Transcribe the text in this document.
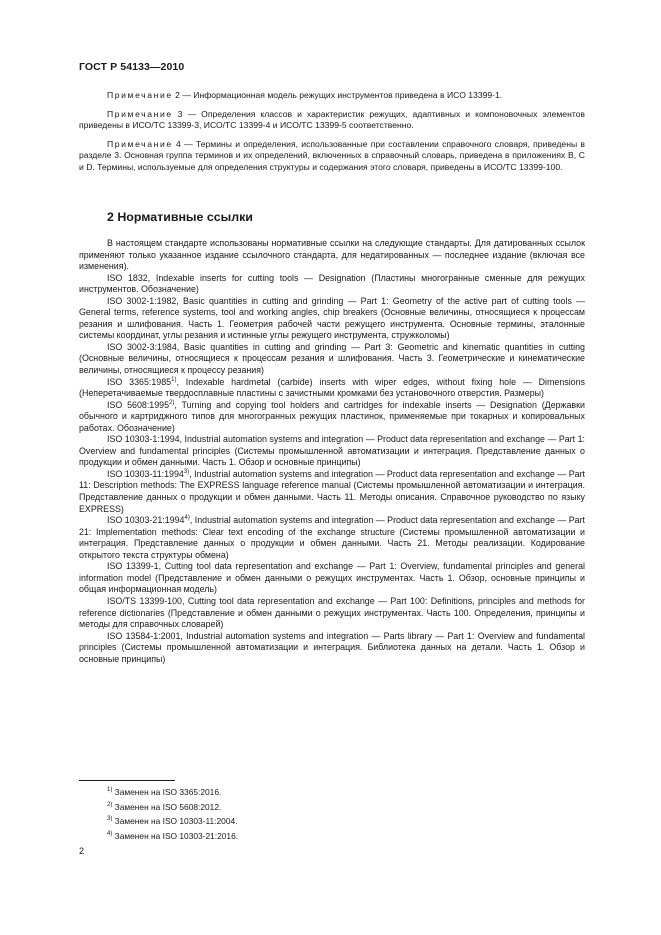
ГОСТ Р 54133—2010

Примечание 2 — Информационная модель режущих инструментов приведена в ИСО 13399-1.

Примечание 3 — Определения классов и характеристик режущих, адаптивных и компоновочных элементов приведены в ИСО/ТС 13399-3, ИСО/ТС 13399-4 и ИСО/ТС 13399-5 соответственно.

Примечание 4 — Термины и определения, использованные при составлении справочного словаря, приведены в разделе 3. Основная группа терминов и их определений, включенных в справочный словарь, приведена в приложениях В, С и D. Термины, используемые для определения структуры и содержания этого словаря, приведены в ИСО/ТС 13399-100.

2 Нормативные ссылки

В настоящем стандарте использованы нормативные ссылки на следующие стандарты. Для датированных ссылок применяют только указанное издание ссылочного стандарта, для недатированных — последнее издание (включая все изменения).

ISO 1832, Indexable inserts for cutting tools — Designation (Пластины многогранные сменные для режущих инструментов. Обозначение)

ISO 3002-1:1982, Basic quantities in cutting and grinding — Part 1: Geometry of the active part of cutting tools — General terms, reference systems, tool and working angles, chip breakers (Основные величины, относящиеся к процессам резания и шлифования. Часть 1. Геометрия рабочей части режущего инструмента. Основные термины, эталонные системы координат, углы резания и истинные углы режущего инструмента, стружколомы)

ISO 3002-3:1984, Basic quantities in cutting and grinding — Part 3: Geometric and kinematic quantities in cutting (Основные величины, относящиеся к процессам резания и шлифования. Часть 3. Геометрические и кинематические величины, относящиеся к процессу резания)

ISO 3365:1985$^{1)}$, Indexable hardmetal (carbide) inserts with wiper edges, without fixing hole — Dimensions (Неперетачиваемые твердосплавные пластины с зачистными кромками без установочного отверстия. Размеры)

ISO 5608:1995$^{2)}$, Turning and copying tool holders and cartridges for indexable inserts — Designation (Державки обычного и картриджного типов для многогранных режущих пластинок, применяемые при токарных и копировальных работах. Обозначение)

ISO 10303-1:1994, Industrial automation systems and integration — Product data representation and exchange — Part 1: Overview and fundamental principles (Системы промышленной автоматизации и интеграция. Представление данных о продукции и обмен данными. Часть 1. Обзор и основные принципы)

ISO 10303-11:1994$^{3)}$, Industrial automation systems and integration — Product data representation and exchange — Part 11: Description methods: The EXPRESS language reference manual (Системы промышленной автоматизации и интеграция. Представление данных о продукции и обмен данными. Часть 11. Методы описания. Справочное руководство по языку EXPRESS)

ISO 10303-21:1994$^{4)}$, Industrial automation systems and integration — Product data representation and exchange — Part 21: Implementation methods: Clear text encoding of the exchange structure (Системы промышленной автоматизации и интеграция. Представление данных о продукции и обмен данными. Часть 21. Методы реализации. Кодирование открытого текста структуры обмена)

ISO 13399-1, Cutting tool data representation and exchange — Part 1: Overview, fundamental principles and general information model (Представление и обмен данными о режущих инструментах. Часть 1. Обзор, основные принципы и общая информационная модель)

ISO/TS 13399-100, Cutting tool data representation and exchange — Part 100: Definitions, principles and methods for reference dictionaries (Представление и обмен данными о режущих инструментах. Часть 100. Определения, принципы и методы для справочных словарей)

ISO 13584-1:2001, Industrial automation systems and integration — Parts library — Part 1: Overview and fundamental principles (Системы промышленной автоматизации и интеграция. Библиотека данных на детали. Часть 1. Обзор и основные принципы)

$^{1)}$ Заменен на ISO 3365:2016.
$^{2)}$ Заменен на ISO 5608:2012.
$^{3)}$ Заменен на ISO 10303-11:2004.
$^{4)}$ Заменен на ISO 10303-21:2016.
2
